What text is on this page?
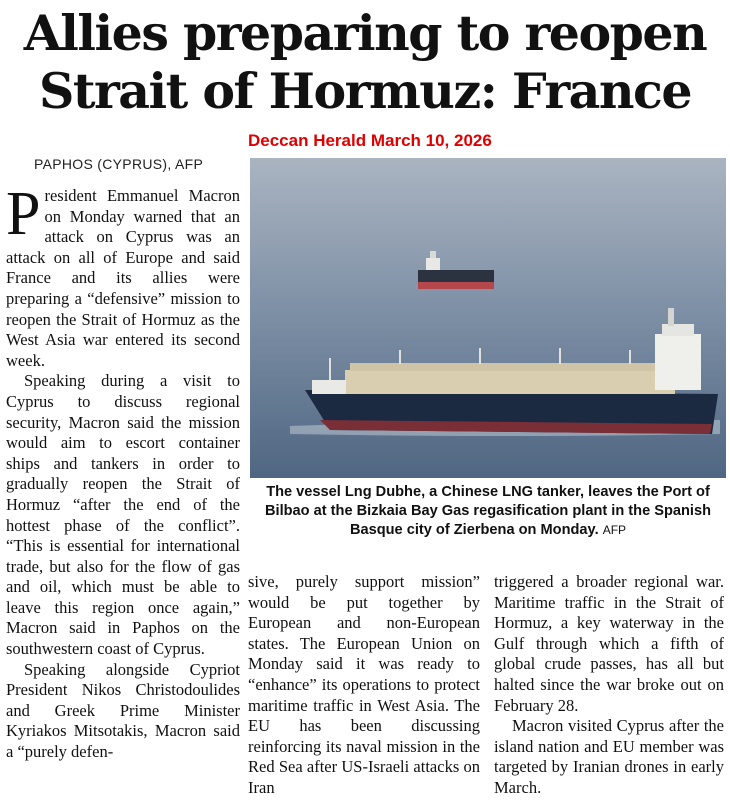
Allies preparing to reopen
Strait of Hormuz: France
Deccan Herald March 10, 2026
PAPHOS (CYPRUS), AFP

President Emmanuel Macron on Monday warned that an attack on Cyprus was an attack on all of Europe and said France and its allies were preparing a “defensive” mission to reopen the Strait of Hormuz as the West Asia war entered its second week.

Speaking during a visit to Cyprus to discuss regional security, Macron said the mission would aim to escort container ships and tankers in order to gradually reopen the Strait of Hormuz “after the end of the hottest phase of the conflict”. “This is essential for international trade, but also for the flow of gas and oil, which must be able to leave this region once again,” Macron said in Paphos on the southwestern coast of Cyprus.

Speaking alongside Cypriot President Nikos Christodoulides and Greek Prime Minister Kyriakos Mitsotakis, Macron said a “purely defen-

The vessel Lng Dubhe, a Chinese LNG tanker, leaves the Port of Bilbao at the Bizkaia Bay Gas regasification plant in the Spanish Basque city of Zierbena on Monday. AFP

sive, purely support mission” would be put together by European and non-European states. The European Union on Monday said it was ready to “enhance” its operations to protect maritime traffic in West Asia. The EU has been discussing reinforcing its naval mission in the Red Sea after US-Israeli attacks on Iran

triggered a broader regional war. Maritime traffic in the Strait of Hormuz, a key waterway in the Gulf through which a fifth of global crude passes, has all but halted since the war broke out on February 28.

Macron visited Cyprus after the island nation and EU member was targeted by Iranian drones in early March.
